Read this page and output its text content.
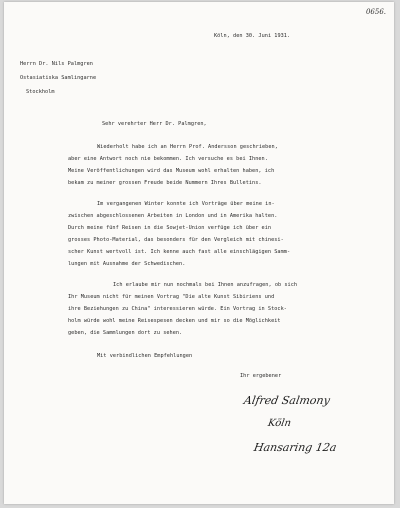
0656.

Köln, den 30. Juni 1931.

Herrn Dr. Nils Palmgren

Ostasiatiska Samlingarne

Stockholm

Sehr verehrter Herr Dr. Palmgren,

Wiederholt habe ich an Herrn Prof. Andersson geschrieben,

aber eine Antwort noch nie bekommen. Ich versuche es bei Ihnen.

Meine Veröffentlichungen wird das Museum wohl erhalten haben, ich

bekam zu meiner grossen Freude beide Nummern Ihres Bulletins.

Im vergangenen Winter konnte ich Vorträge über meine in-

zwischen abgeschlossenen Arbeiten in London und in Amerika halten.

Durch meine fünf Reisen in die Sowjet-Union verfüge ich über ein

grosses Photo-Material, das besonders für den Vergleich mit chinesi-

scher Kunst wertvoll ist. Ich kenne auch fast alle einschlägigen Samm-

lungen mit Ausnahme der Schwedischen.

Ich erlaube mir nun nochmals bei Ihnen anzufragen, ob sich

Ihr Museum nicht für meinen Vortrag "Die alte Kunst Sibiriens und

ihre Beziehungen zu China" interessieren würde. Ein Vortrag in Stock-

holm würde wohl meine Reisespesen decken und mir so die Möglichkeit

geben, die Sammlungen dort zu sehen.

Mit verbindlichen Empfehlungen

Ihr ergebener

Alfred Salmony

Köln

Hansaring 12a
